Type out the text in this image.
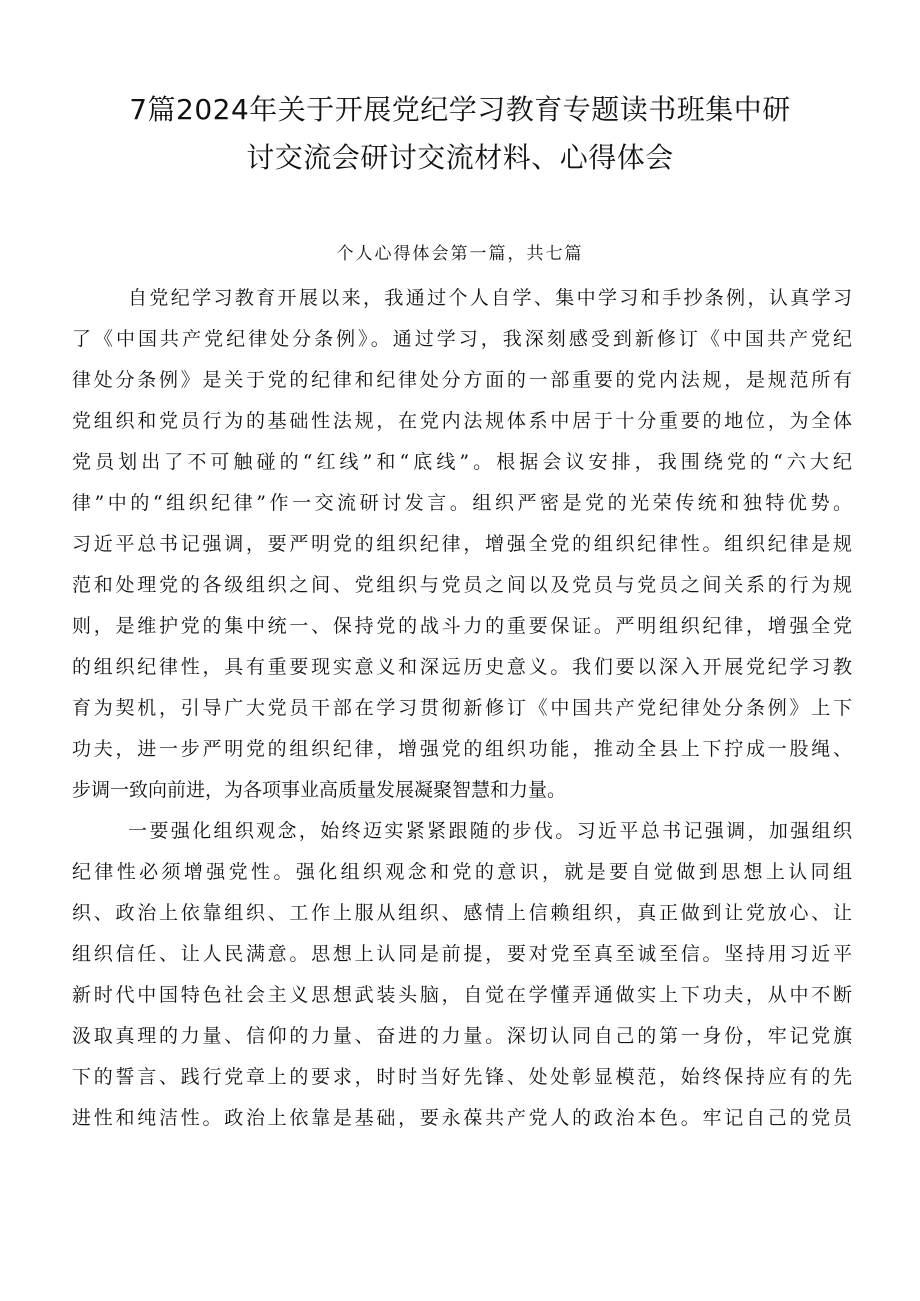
7篇2024年关于开展党纪学习教育专题读书班集中研
讨交流会研讨交流材料、心得体会
个人心得体会第一篇，共七篇
自党纪学习教育开展以来，我通过个人自学、集中学习和手抄条例，认真学习
了《中国共产党纪律处分条例》。通过学习，我深刻感受到新修订《中国共产党纪
律处分条例》是关于党的纪律和纪律处分方面的一部重要的党内法规，是规范所有
党组织和党员行为的基础性法规，在党内法规体系中居于十分重要的地位，为全体
党员划出了不可触碰的“红线”和“底线”。根据会议安排，我围绕党的“六大纪
律”中的“组织纪律”作一交流研讨发言。组织严密是党的光荣传统和独特优势。
习近平总书记强调，要严明党的组织纪律，增强全党的组织纪律性。组织纪律是规
范和处理党的各级组织之间、党组织与党员之间以及党员与党员之间关系的行为规
则，是维护党的集中统一、保持党的战斗力的重要保证。严明组织纪律，增强全党
的组织纪律性，具有重要现实意义和深远历史意义。我们要以深入开展党纪学习教
育为契机，引导广大党员干部在学习贯彻新修订《中国共产党纪律处分条例》上下
功夫，进一步严明党的组织纪律，增强党的组织功能，推动全县上下拧成一股绳、
步调一致向前进，为各项事业高质量发展凝聚智慧和力量。
一要强化组织观念，始终迈实紧紧跟随的步伐。习近平总书记强调，加强组织
纪律性必须增强党性。强化组织观念和党的意识，就是要自觉做到思想上认同组
织、政治上依靠组织、工作上服从组织、感情上信赖组织，真正做到让党放心、让
组织信任、让人民满意。思想上认同是前提，要对党至真至诚至信。坚持用习近平
新时代中国特色社会主义思想武装头脑，自觉在学懂弄通做实上下功夫，从中不断
汲取真理的力量、信仰的力量、奋进的力量。深切认同自己的第一身份，牢记党旗
下的誓言、践行党章上的要求，时时当好先锋、处处彰显模范，始终保持应有的先
进性和纯洁性。政治上依靠是基础，要永葆共产党人的政治本色。牢记自己的党员
